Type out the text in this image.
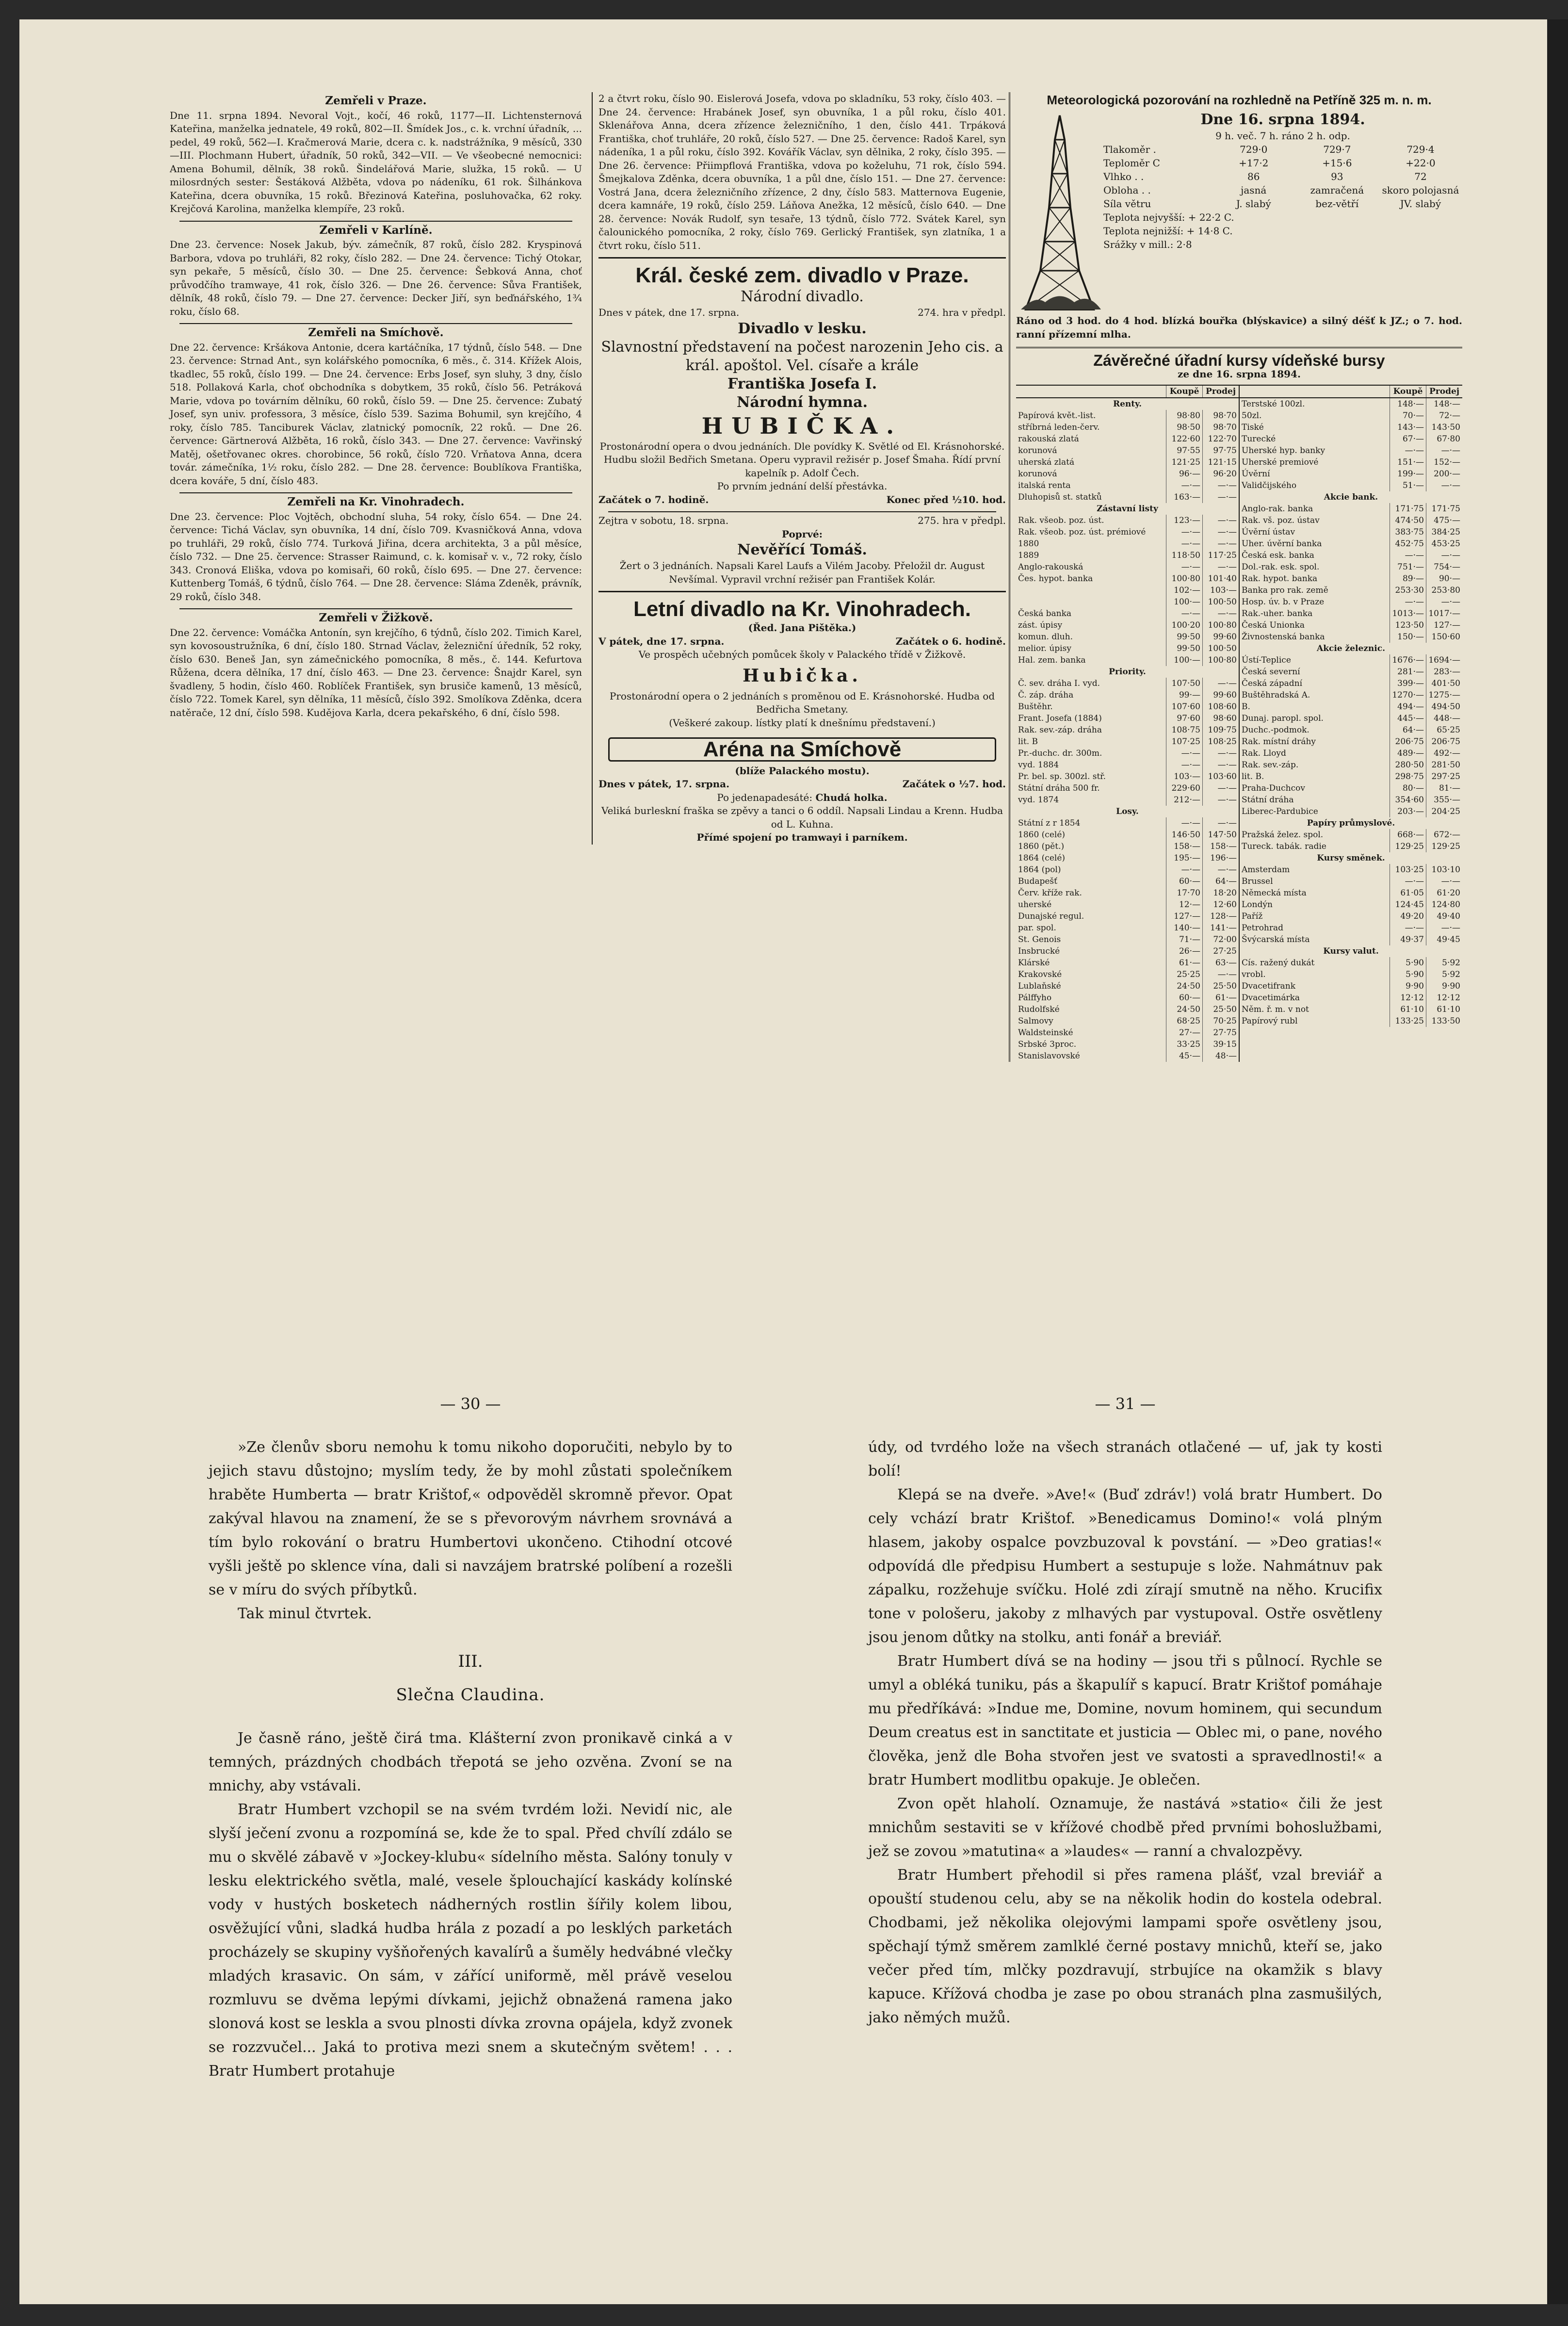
Zemřeli v Praze.

Dne 11. srpna 1894. Nevoral Vojt., kočí, 46 roků, 1177—II. Lichtensternová Kateřina, manželka jednatele, 49 roků, 802—II. Šmídek Jos., c. k. vrchní úřadník, ... pedel, 49 roků, 562—I. Kračmerová Marie, dcera c. k. nadstrážníka, 9 měsíců, 330—III. Plochmann Hubert, úřadník, 50 roků, 342—VII. — Ve všeobecné nemocnici: Amena Bohumil, dělník, 38 roků. Šindelářová Marie, služka, 15 roků. — U milosrdných sester: Šestáková Alžběta, vdova po nádeníku, 61 rok. Šilhánkova Kateřina, dcera obuvníka, 15 roků. Březinová Kateřina, posluhovačka, 62 roky. Krejčová Karolina, manželka klempíře, 23 roků.

Zemřeli v Karlíně.

Dne 23. července: Nosek Jakub, býv. zámečník, 87 roků, číslo 282. Kryspinová Barbora, vdova po truhláři, 82 roky, číslo 282. — Dne 24. července: Tichý Otokar, syn pekaře, 5 měsíců, číslo 30. — Dne 25. července: Šebková Anna, choť průvodčího tramwaye, 41 rok, číslo 326. — Dne 26. července: Sůva František, dělník, 48 roků, číslo 79. — Dne 27. července: Decker Jiří, syn beďnářského, 1¾ roku, číslo 68.

Zemřeli na Smíchově.

Dne 22. července: Kršákova Antonie, dcera kartáčníka, 17 týdnů, číslo 548. — Dne 23. července: Strnad Ant., syn kolářského pomocníka, 6 měs., č. 314. Křížek Alois, tkadlec, 55 roků, číslo 199. — Dne 24. července: Erbs Josef, syn sluhy, 3 dny, číslo 518. Pollaková Karla, choť obchodníka s dobytkem, 35 roků, číslo 56. Petráková Marie, vdova po továrním dělníku, 60 roků, číslo 59. — Dne 25. července: Zubatý Josef, syn univ. professora, 3 měsíce, číslo 539. Sazima Bohumil, syn krejčího, 4 roky, číslo 785. Tanciburek Václav, zlatnický pomocník, 22 roků. — Dne 26. července: Gärtnerová Alžběta, 16 roků, číslo 343. — Dne 27. července: Vavřinský Matěj, ošetřovanec okres. chorobince, 56 roků, číslo 720. Vrňatova Anna, dcera továr. zámečníka, 1½ roku, číslo 282. — Dne 28. července: Boublíkova Františka, dcera kováře, 5 dní, číslo 483.

Zemřeli na Kr. Vinohradech.

Dne 23. července: Ploc Vojtěch, obchodní sluha, 54 roky, číslo 654. — Dne 24. července: Tichá Václav, syn obuvníka, 14 dní, číslo 709. Kvasničková Anna, vdova po truhláři, 29 roků, číslo 774. Turková Jiřina, dcera architekta, 3 a půl měsíce, číslo 732. — Dne 25. července: Strasser Raimund, c. k. komisař v. v., 72 roky, číslo 343. Cronová Eliška, vdova po komisaři, 60 roků, číslo 695. — Dne 27. července: Kuttenberg Tomáš, 6 týdnů, číslo 764. — Dne 28. července: Sláma Zdeněk, právník, 29 roků, číslo 348.

Zemřeli v Žižkově.

Dne 22. července: Vomáčka Antonín, syn krejčího, 6 týdnů, číslo 202. Timich Karel, syn kovosoustružníka, 6 dní, číslo 180. Strnad Václav, železniční úředník, 52 roky, číslo 630. Beneš Jan, syn zámečnického pomocníka, 8 měs., č. 144. Kefurtova Růžena, dcera dělníka, 17 dní, číslo 463. — Dne 23. července: Šnajdr Karel, syn švadleny, 5 hodin, číslo 460. Roblíček František, syn brusiče kamenů, 13 měsíců, číslo 722. Tomek Karel, syn dělníka, 11 měsíců, číslo 392. Smolíkova Zděnka, dcera natěrače, 12 dní, číslo 598. Kudějova Karla, dcera pekařského, 6 dní, číslo 598.

2 a čtvrt roku, číslo 90. Eislerová Josefa, vdova po skladníku, 53 roky, číslo 403. — Dne 24. července: Hrabánek Josef, syn obuvníka, 1 a půl roku, číslo 401. Sklenářova Anna, dcera zřízence železničního, 1 den, číslo 441. Trpáková Františka, choť truhláře, 20 roků, číslo 527. — Dne 25. července: Radoš Karel, syn nádeníka, 1 a půl roku, číslo 392. Kovářík Václav, syn dělnika, 2 roky, číslo 395. — Dne 26. července: Přiimpflová Františka, vdova po koželuhu, 71 rok, číslo 594. Šmejkalova Zděnka, dcera obuvníka, 1 a půl dne, číslo 151. — Dne 27. července: Vostrá Jana, dcera železničního zřízence, 2 dny, číslo 583. Matternova Eugenie, dcera kamnáře, 19 roků, číslo 259. Láňova Anežka, 12 měsíců, číslo 640. — Dne 28. července: Novák Rudolf, syn tesaře, 13 týdnů, číslo 772. Svátek Karel, syn čalounického pomocníka, 2 roky, číslo 769. Gerlický František, syn zlatníka, 1 a čtvrt roku, číslo 511.

Král. české zem. divadlo v Praze.
Národní divadlo.
Dnes v pátek, dne 17. srpna.	274. hra v předpl.
Divadlo v lesku.
Slavnostní představení na počest narozenin Jeho cis. a král. apoštol. Vel. císaře a krále
Františka Josefa I.
Národní hymna.
HUBIČKA.

Prostonárodní opera o dvou jednáních. Dle povídky K. Světlé od El. Krásnohorské. Hudbu složil Bedřich Smetana. Operu vypravil režisér p. Josef Šmaha. Řídí první kapelník p. Adolf Čech.

Po prvním jednání delší přestávka.
Začátek o 7. hodině.	Konec před ½10. hod.
Zejtra v sobotu, 18. srpna.	275. hra v předpl.
Poprvé:
Nevěřící Tomáš.

Žert o 3 jednáních. Napsali Karel Laufs a Vilém Jacoby. Přeložil dr. August Nevšímal. Vypravil vrchní režisér pan František Kolár.

Letní divadlo na Kr. Vinohradech.
(Řed. Jana Pištěka.)
V pátek, dne 17. srpna.	Začátek o 6. hodině.

Ve prospěch učebných pomůcek školy v Palackého třídě v Žižkově.

Hubička.

Prostonárodní opera o 2 jednáních s proměnou od E. Krásnohorské. Hudba od Bedřicha Smetany.

(Veškeré zakoup. lístky platí k dnešnímu představení.)
Aréna na Smíchově
(blíže Palackého mostu).
Dnes v pátek, 17. srpna.	Začátek o ½7. hod.
Po jedenapadesáté: Chudá holka.

Veliká burleskní fraška se zpěvy a tanci o 6 oddíl. Napsali Lindau a Krenn. Hudba od L. Kuhna.

Přímé spojení po tramwayi i parníkem.
Meteorologická pozorování na rozhledně na Petříně 325 m. n. m.
Dne 16. srpna 1894.
9 h. več. 7 h. ráno 2 h. odp.
Tlakoměr .	729·0	729·7	729·4
Teploměr C	+17·2	+15·6	+22·0
Vlhko . .	86	93	72
Obloha . .	jasná	zamračená	skoro polojasná
Síla větru	J. slabý	bez-větří	JV. slabý
Teplota nejvyšší: + 22·2 C.
Teplota nejnižší: + 14·8 C.
Srážky v mill.: 2·8
Ráno od 3 hod. do 4 hod. blízká bouřka (blýskavice) a silný déšť k JZ.; o 7. hod. ranní přízemní mlha.
Závěrečné úřadní kursy vídeňské bursy
ze dne 16. srpna 1894.
Koupě Prodej
Renty.
Papírová květ.-list.	98·80	98·70
stříbrná leden-červ.	98·50	98·70
rakouská zlatá	122·60 122·70
korunová	97·55	97·75
uherská zlatá	121·25 121·15
korunová	96·—	96·20
italská renta	—·—	—·—
Dluhopisů st. statků	163·—	—·—
Zástavní listy
Rak. všeob. poz. úst.	123·—	—·—
Rak. všeob. poz. úst. prémiové	—·—	—·—
1880	—·—	—·—
1889	118·50 117·25
Anglo-rakouská	—·—	—·—
Čes. hypot. banka	100·80 101·40
102·—	103·—
100·— 100·50
Česká banka	—·—	—·—
zást. úpisy	100·20 100·80
komun. dluh.	99·50	99·60
melior. úpisy	99·50 100·50
Hal. zem. banka	100·— 100·80
Priority.
Č. sev. dráha I. vyd.	107·50	—·—
Č. záp. dráha	99·—	99·60
Buštěhr.	107·60 108·60
Frant. Josefa (1884)	97·60	98·60
Rak. sev.-záp. dráha	108·75 109·75
lit. B	107·25 108·25
Pr.-duchc. dr. 300m.	—·—	—·—
vyd. 1884	—·—	—·—
Pr. bel. sp. 300zl. stř.	103·— 103·60
Státní dráha 500 fr.	229·60	—·—
vyd. 1874	212·—	—·—
Losy.
Státní z r 1854	—·—	—·—
1860 (celé)	146·50 147·50
1860 (pět.)	158·—	158·—
1864 (celé)	195·—	196·—
1864 (pol)	—·—	—·—
Budapešť	60·—	64·—
Červ. kříže rak.	17·70	18·20
uherské	12·—	12·60
Dunajské regul.	127·—	128·—
par. spol.	140·—	141·—
St. Genois	71·—	72·00
Insbrucké	26·—	27·25
Klárské	61·—	63·—
Krakovské	25·25	—·—
Lublaňské	24·50	25·50
Pálffyho	60·—	61·—
Rudolfské	24·50	25·50
Salmovy	68·25	70·25
Waldsteinské	27·—	27·75
Srbské 3proc.	33·25	39·15
Stanislavovské	45·—	48·—
Koupě Prodej
Terstské 100zl.	148·—	148·—
50zl.	70·—	72·—
Tiské	143·— 143·50
Turecké	67·—	67·80
Uherské hyp. banky	—·—	—·—
Uherské premiové	151·—	152·—
Úvěrní	199·—	200·—
Validčijského	51·—	—·—
Akcie bank.
Anglo-rak. banka	171·75 171·75
Rak. vš. poz. ústav	474·50	475·—
Úvěrní ústav	383·75 384·25
Uher. úvěrní banka	452·75 453·25
Česká esk. banka	—·—	—·—
Dol.-rak. esk. spol.	751·—	754·—
Rak. hypot. banka	89·—	90·—
Banka pro rak. země	253·30 253·80
Hosp. úv. b. v Praze	—·—	—·—
Rak.-uher. banka	1013·— 1017·—
Česká Unionka	123·50	127·—
Živnostenská banka	150·— 150·60
Akcie železnic.
Ústí-Teplice	1676·— 1694·—
Česká severní	281·—	283·—
Česká západní	399·— 401·50
Buštěhradská A.	1270·— 1275·—
B.	494·— 494·50
Dunaj. paropl. spol.	445·—	448·—
Duchc.-podmok.	64·—	65·25
Rak. místní dráhy	206·75 206·75
Rak. Lloyd	489·—	492·—
Rak. sev.-záp.	280·50 281·50
lit. B.	298·75 297·25
Praha-Duchcov	80·—	81·—
Státní dráha	354·60	355·—
Liberec-Pardubice	203·— 204·25
Papíry průmyslové.
Pražská želez. spol.	668·—	672·—
Tureck. tabák. radie	129·25 129·25
Kursy směnek.
Amsterdam	103·25 103·10
Brussel	—·—	—·—
Německá místa	61·05	61·20
Londýn	124·45 124·80
Paříž	49·20	49·40
Petrohrad	—·—	—·—
Švýcarská místa	49·37	49·45
Kursy valut.
Cís. ražený dukát	5·90	5·92
vrobl.	5·90	5·92
Dvacetifrank	9·90	9·90
Dvacetimárka	12·12	12·12
Něm. ř. m. v not	61·10	61·10
Papírový rubl	133·25 133·50
— 30 —

»Ze členův sboru nemohu k tomu nikoho doporučiti, nebylo by to jejich stavu důstojno; myslím tedy, že by mohl zůstati společníkem hraběte Humberta — bratr Krištof,« odpověděl skromně převor. Opat zakýval hlavou na znamení, že se s převorovým návrhem srovnává a tím bylo rokování o bratru Humbertovi ukončeno. Ctihodní otcové vyšli ještě po sklence vína, dali si navzájem bratrské políbení a rozešli se v míru do svých příbytků.

Tak minul čtvrtek.

III.
Slečna Claudina.

Je časně ráno, ještě čirá tma. Klášterní zvon pronikavě cinká a v temných, prázdných chodbách třepotá se jeho ozvěna. Zvoní se na mnichy, aby vstávali.

Bratr Humbert vzchopil se na svém tvrdém loži. Nevidí nic, ale slyší ječení zvonu a rozpomíná se, kde že to spal. Před chvílí zdálo se mu o skvělé zábavě v »Jockey-klubu« sídelního města. Salóny tonuly v lesku elektrického světla, malé, vesele šplouchající kaskády kolínské vody v hustých bosketech nádherných rostlin šířily kolem libou, osvěžující vůni, sladká hudba hrála z pozadí a po lesklých parketách procházely se skupiny vyšňořených kavalírů a šuměly hedvábné vlečky mladých krasavic. On sám, v zářící uniformě, měl právě veselou rozmluvu se dvěma lepými dívkami, jejichž obnažená ramena jako slonová kost se leskla a svou plnosti dívka zrovna opájela, když zvonek se rozzvučel... Jaká to protiva mezi snem a skutečným světem! . . . Bratr Humbert protahuje

— 31 —

údy, od tvrdého lože na všech stranách otlačené — uf, jak ty kosti bolí!

Klepá se na dveře. »Ave!« (Buď zdráv!) volá bratr Humbert. Do cely vchází bratr Krištof. »Benedicamus Domino!« volá plným hlasem, jakoby ospalce povzbuzoval k povstání. — »Deo gratias!« odpovídá dle předpisu Humbert a sestupuje s lože. Nahmátnuv pak zápalku, rozžehuje svíčku. Holé zdi zírají smutně na něho. Krucifix tone v pološeru, jakoby z mlhavých par vystupoval. Ostře osvětleny jsou jenom důtky na stolku, anti fonář a breviář.

Bratr Humbert dívá se na hodiny — jsou tři s půlnocí. Rychle se umyl a obléká tuniku, pás a škapulíř s kapucí. Bratr Krištof pomáhaje mu předříkává: »Indue me, Domine, novum hominem, qui secundum Deum creatus est in sanctitate et justicia — Oblec mi, o pane, nového člověka, jenž dle Boha stvořen jest ve svatosti a spravedlnosti!« a bratr Humbert modlitbu opakuje. Je oblečen.

Zvon opět hlaholí. Oznamuje, že nastává »statio« čili že jest mnichům sestaviti se v křížové chodbě před prvními bohoslužbami, jež se zovou »matutina« a »laudes« — ranní a chvalozpěvy.

Bratr Humbert přehodil si přes ramena plášť, vzal breviář a opouští studenou celu, aby se na několik hodin do kostela odebral. Chodbami, jež několika olejovými lampami spoře osvětleny jsou, spěchají týmž směrem zamlklé černé postavy mnichů, kteří se, jako večer před tím, mlčky pozdravují, strbujíce na okamžik s blavy kapuce. Křížová chodba je zase po obou stranách plna zasmušilých, jako němých mužů.
